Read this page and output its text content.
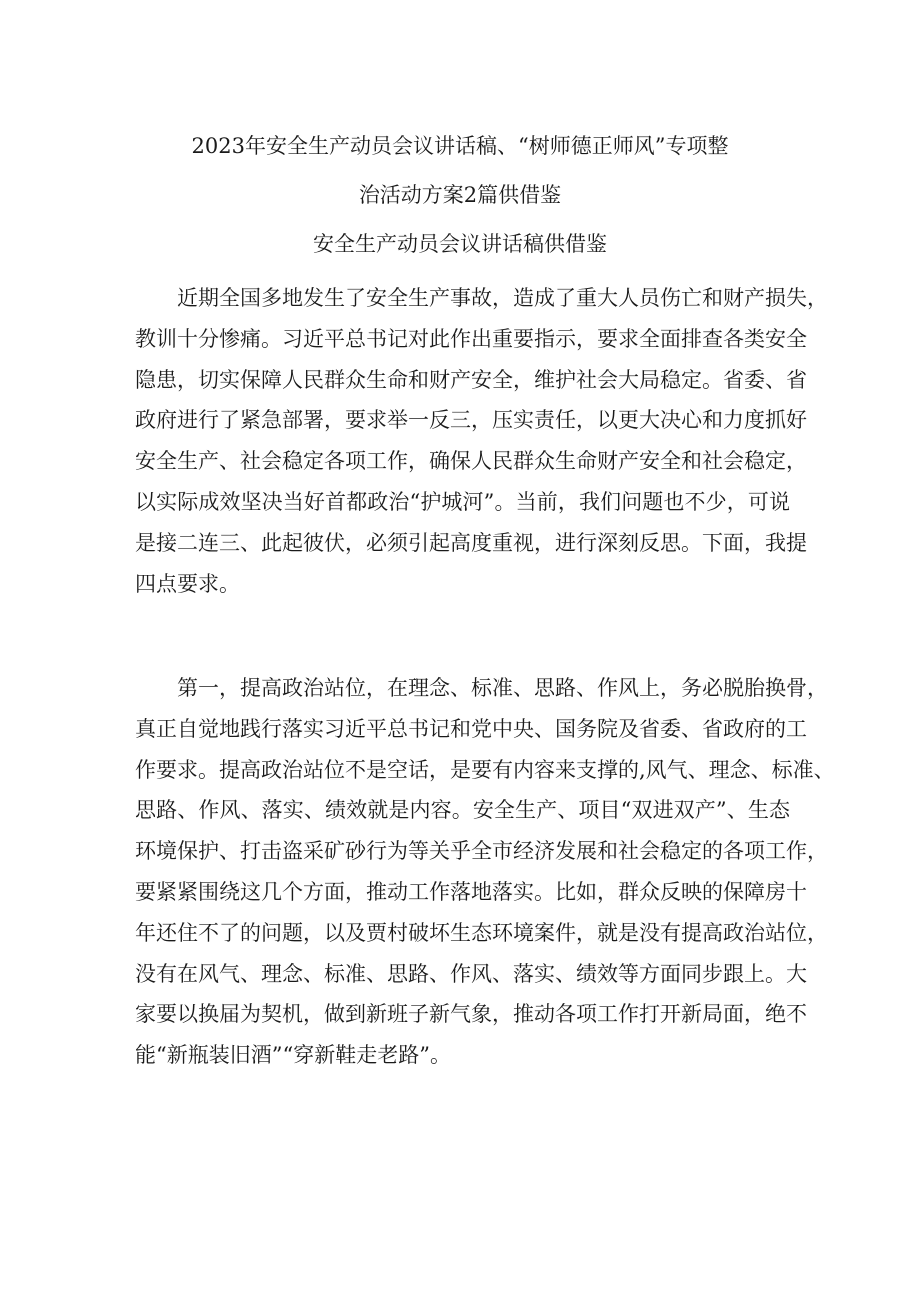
2023年安全生产动员会议讲话稿、“树师德正师风”专项整
治活动方案2篇供借鉴
安全生产动员会议讲话稿供借鉴
近期全国多地发生了安全生产事故，造成了重大人员伤亡和财产损失，
教训十分惨痛。习近平总书记对此作出重要指示，要求全面排查各类安全
隐患，切实保障人民群众生命和财产安全，维护社会大局稳定。省委、省
政府进行了紧急部署，要求举一反三，压实责任，以更大决心和力度抓好
安全生产、社会稳定各项工作，确保人民群众生命财产安全和社会稳定，
以实际成效坚决当好首都政治“护城河”。当前，我们问题也不少，可说
是接二连三、此起彼伏，必须引起高度重视，进行深刻反思。下面，我提
四点要求。
第一，提高政治站位，在理念、标准、思路、作风上，务必脱胎换骨，
真正自觉地践行落实习近平总书记和党中央、国务院及省委、省政府的工
作要求。提高政治站位不是空话，是要有内容来支撑的,风气、理念、标准、
思路、作风、落实、绩效就是内容。安全生产、项目“双进双产”、生态
环境保护、打击盗采矿砂行为等关乎全市经济发展和社会稳定的各项工作，
要紧紧围绕这几个方面，推动工作落地落实。比如，群众反映的保障房十
年还住不了的问题，以及贾村破坏生态环境案件，就是没有提高政治站位，
没有在风气、理念、标准、思路、作风、落实、绩效等方面同步跟上。大
家要以换届为契机，做到新班子新气象，推动各项工作打开新局面，绝不
能“新瓶装旧酒”“穿新鞋走老路”。
